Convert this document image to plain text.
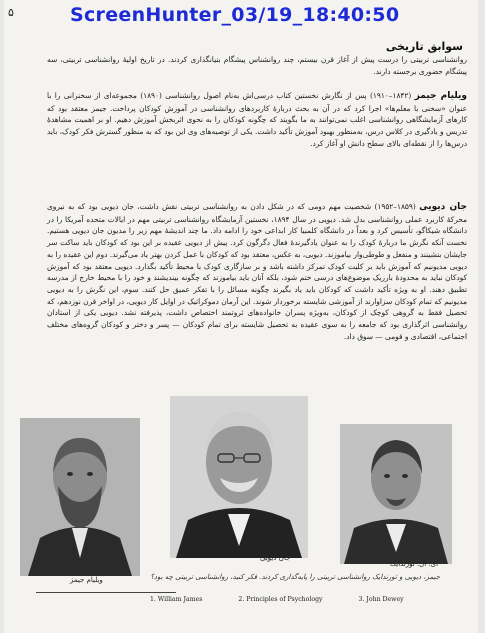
ScreenHunter_03/19_18:40:50
۵
سوابق تاریخی
روانشناسی تربیتی را درست پیش از آغاز قرن بیستم، چند روانشناس پیشگام بنیانگذاری کردند. در تاریخ اولیهٔ روانشناسی تربیتی، سه پیشگام حضوری برجسته دارند.
ویلیام جیمز (۱۸۴۲–۱۹۱۰) پس از نگارش نخستین کتاب درسی‌اش به‌نام اصول روانشناسی (۱۸۹۰) مجموعه‌ای از سخنرانی را با عنوان «سخنی با معلم‌ها» اجرا کرد که در آن به بحث دربارهٔ کاربردهای روانشناسی در آموزش کودکان پرداخت. جیمز معتقد بود که کارهای آزمایشگاهی روانشناسی اغلب نمی‌توانند به ما بگویند که چگونه کودکان را به نحوی اثربخش آموزش دهیم. او بر اهمیت مشاهدهٔ تدریس و یادگیری در کلاس درس، به‌منظور بهبود آموزش تأکید داشت. یکی از توصیه‌های وی این بود که به منظور گسترش فکر کودک، باید درس‌ها را از نقطه‌ای بالای سطح دانش او آغاز کرد.
جان دیویی (۱۸۵۹–۱۹۵۲) شخصیت مهم دومی که در شکل دادن به روانشناسی تربیتی نقش داشت، جان دیویی بود که به نیروی محرکهٔ کاربرد عملی روانشناسی بدل شد. دیویی در سال ۱۸۹۴، نخستین آزمایشگاه روانشناسی تربیتی مهم در ایالات متحده آمریکا را در دانشگاه شیکاگو، تأسیس کرد و بعداً در دانشگاه کلمبیا کار ابداعی خود را ادامه داد. ما چند اندیشهٔ مهم زیر را مدیون جان دیویی هستیم. نخست آنکه نگرش ما دربارهٔ کودک را به عنوان یادگیرندهٔ فعال دگرگون کرد. پیش از دیویی عقیده بر این بود که کودکان باید ساکت سر جایشان بنشینند و منفعل و طوطی‌وار بیاموزند. دیویی، به عکس، معتقد بود که کودکان با عمل کردن بهتر یاد می‌گیرند. دوم این عقیده را به دیویی مدیونیم که آموزش باید بر کلیت کودک تمرکز داشته باشد و بر سازگاری کودک با محیط تأکید بگذارد. دیویی معتقد بود که آموزش کودکان نباید به محدودهٔ بارریک موضوع‌های درسی ختم شود، بلکه آنان باید بیاموزند که چگونه بیندیشند و خود را با محیط خارج از مدرسه تطبیق دهند. او به ویژه تأکید داشت که کودکان باید یاد بگیرند چگونه مسائل را با تفکر عمیق حل کنند. سوم، این نگرش را به دیویی مدیونیم که تمام کودکان سزاوارند از آموزشی شایسته برخوردار شوند. این آرمان دموکراتیک در اوایل کار دیویی، در اواخر قرن نوزدهم، که تحصیل فقط به گروهی کوچک از کودکان، به‌ویژه پسران خانواده‌های ثروتمند اختصاص داشت، پذیرفته نشد. دیویی یکی از استادان روانشناسی اثرگذاری بود که جامعه را به سوی عقیده به تحصیل شایسته برای تمام کودکان — پسر و دختر و کودکان گروه‌های مختلف اجتماعی، اقتصادی و قومی — سوق داد.
ویلیام جیمز
جان دیویی
ای. ال. ثورندایک
جیمز، دیویی و ثورندایک روانشناسی تربیتی را پایه‌گذاری کردند. فکر کنید، روانشناسی تربیتی چه بود؟
1. William James	2. Principles of Psychology	3. John Dewey
